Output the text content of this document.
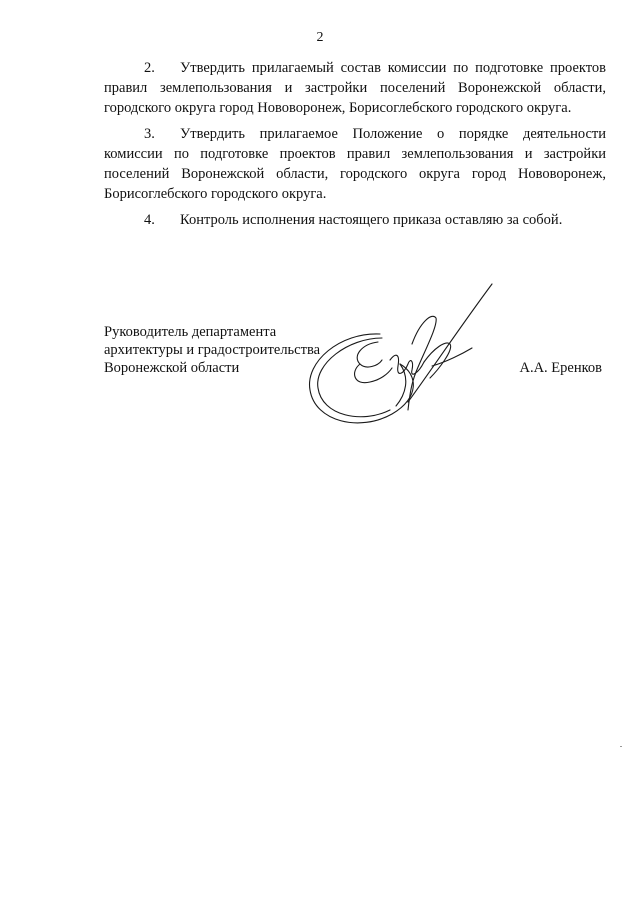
2

2. Утвердить прилагаемый состав комиссии по подготовке проектов правил землепользования и застройки поселений Воронежской области, городского округа город Нововоронеж, Борисоглебского городского округа.

3. Утвердить прилагаемое Положение о порядке деятельности комиссии по подготовке проектов правил землепользования и застройки поселений Воронежской области, городского округа город Нововоронеж, Борисоглебского городского округа.

4. Контроль исполнения настоящего приказа оставляю за собой.

Руководитель департамента
архитектуры и градостроительства
Воронежской области	А.А. Еренков
